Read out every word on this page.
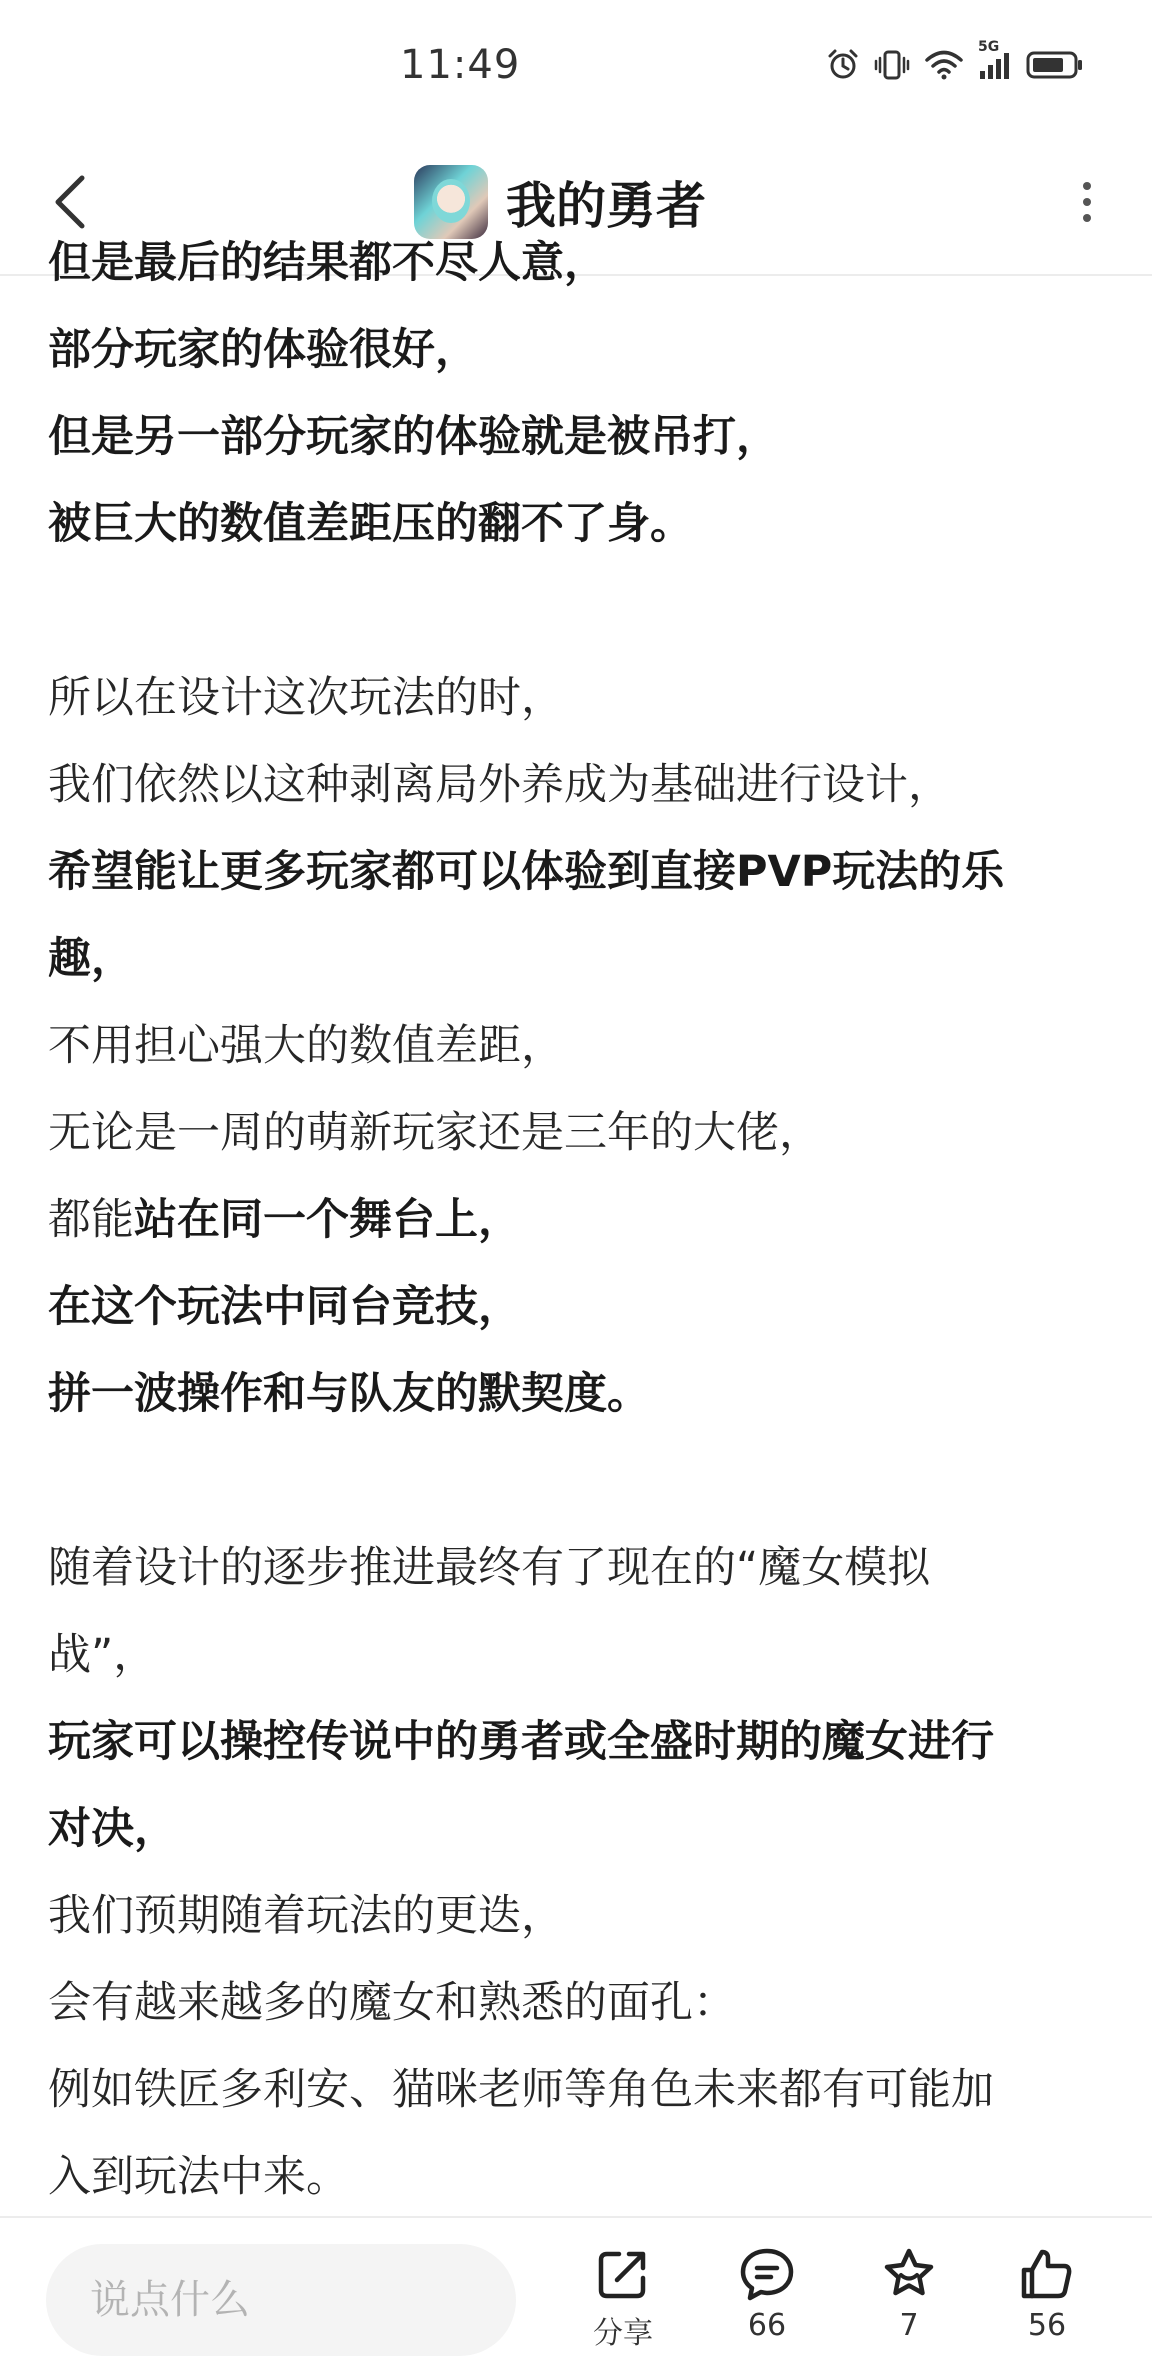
11:49	5G
我的勇者
但是最后的结果都不尽人意，
部分玩家的体验很好，
但是另一部分玩家的体验就是被吊打，
被巨大的数值差距压的翻不了身。
所以在设计这次玩法的时，
我们依然以这种剥离局外养成为基础进行设计，
希望能让更多玩家都可以体验到直接PVP玩法的乐
趣，
不用担心强大的数值差距，
无论是一周的萌新玩家还是三年的大佬，
都能站在同一个舞台上，
在这个玩法中同台竞技，
拼一波操作和与队友的默契度。
随着设计的逐步推进最终有了现在的“魔女模拟
战”，
玩家可以操控传说中的勇者或全盛时期的魔女进行
对决，
我们预期随着玩法的更迭，
会有越来越多的魔女和熟悉的面孔：
例如铁匠多利安、猫咪老师等角色未来都有可能加
入到玩法中来。
说点什么
分享	66	7	56
